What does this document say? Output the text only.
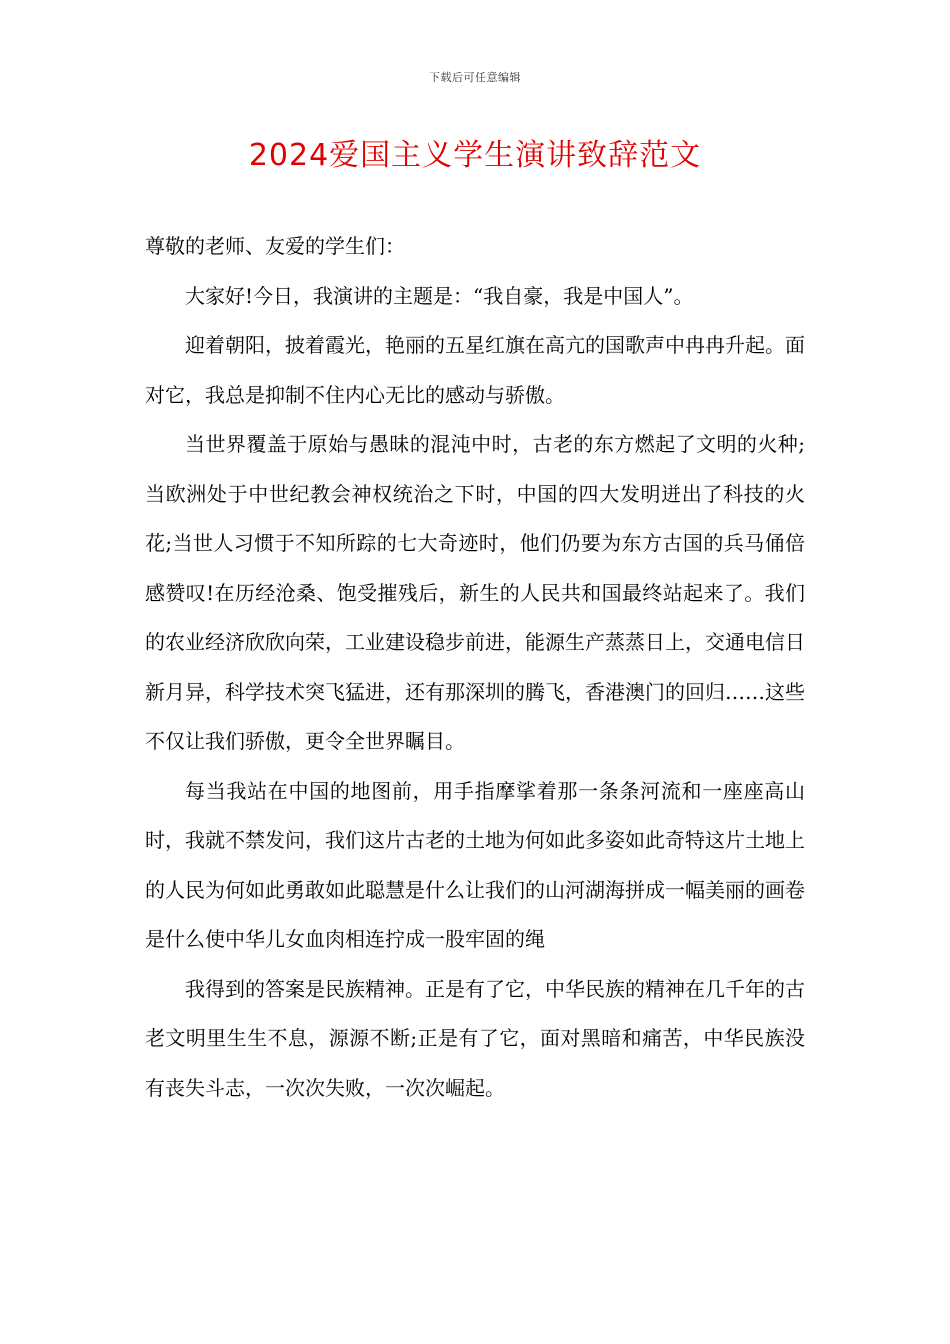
下载后可任意编辑
2024爱国主义学生演讲致辞范文

尊敬的老师、友爱的学生们：

大家好!今日，我演讲的主题是：“我自豪，我是中国人”。

迎着朝阳，披着霞光，艳丽的五星红旗在高亢的国歌声中冉冉升起。面对它，我总是抑制不住内心无比的感动与骄傲。

当世界覆盖于原始与愚昧的混沌中时，古老的东方燃起了文明的火种;当欧洲处于中世纪教会神权统治之下时，中国的四大发明迸出了科技的火花;当世人习惯于不知所踪的七大奇迹时，他们仍要为东方古国的兵马俑倍感赞叹!在历经沧桑、饱受摧残后，新生的人民共和国最终站起来了。我们的农业经济欣欣向荣，工业建设稳步前进，能源生产蒸蒸日上，交通电信日新月异，科学技术突飞猛进，还有那深圳的腾飞，香港澳门的回归……这些不仅让我们骄傲，更令全世界瞩目。

每当我站在中国的地图前，用手指摩挲着那一条条河流和一座座高山时，我就不禁发问，我们这片古老的土地为何如此多姿如此奇特这片土地上的人民为何如此勇敢如此聪慧是什么让我们的山河湖海拼成一幅美丽的画卷是什么使中华儿女血肉相连拧成一股牢固的绳

我得到的答案是民族精神。正是有了它，中华民族的精神在几千年的古老文明里生生不息，源源不断;正是有了它，面对黑暗和痛苦，中华民族没有丧失斗志，一次次失败，一次次崛起。
